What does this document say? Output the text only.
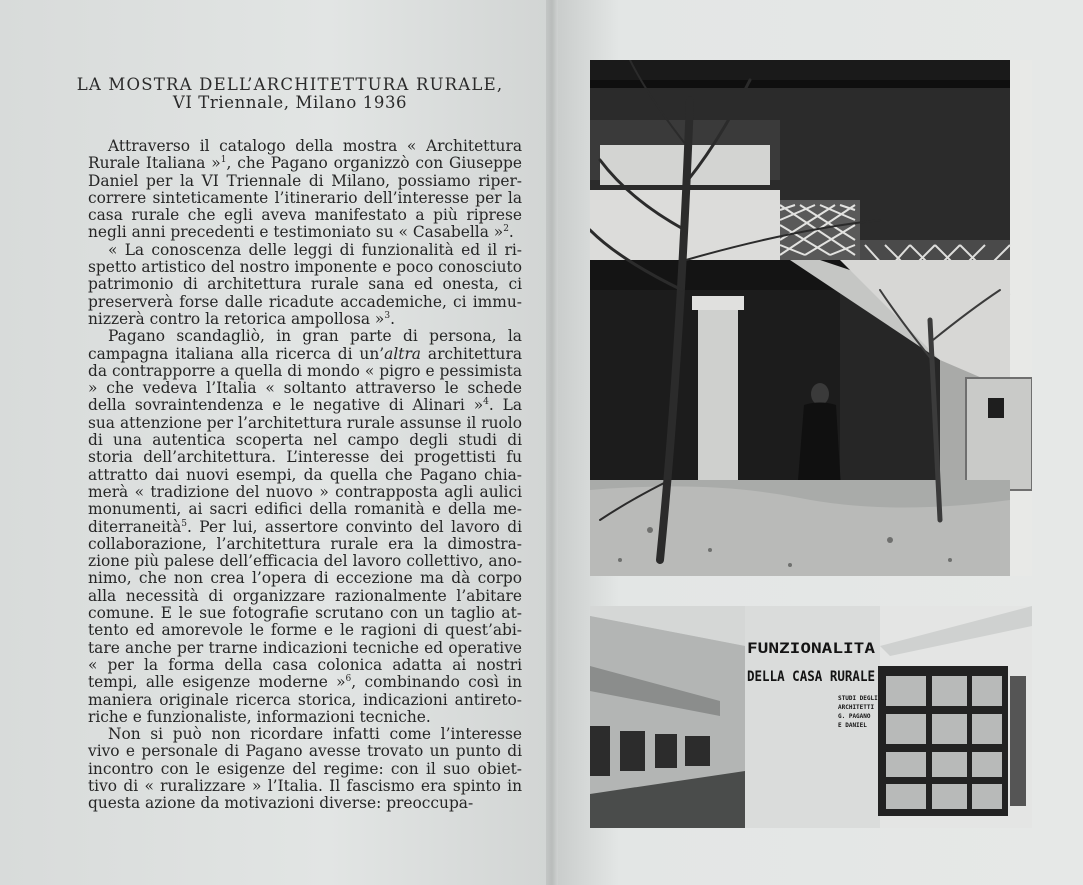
LA MOSTRA DELL’ARCHITETTURA RURALE,
VI Triennale, Milano 1936

Attraverso il catalogo della mostra « Architettura Rurale Italiana »$^1$, che Pagano organizzò con Giuseppe Daniel per la VI Triennale di Milano, possiamo ripercorrere sinteticamente l’itinerario dell’interesse per la casa rurale che egli aveva manifestato a più riprese negli anni precedenti e testimoniato su « Casabella »$^2$.

« La conoscenza delle leggi di funzionalità ed il rispetto artistico del nostro imponente e poco conosciuto patrimonio di architettura rurale sana ed onesta, ci preserverà forse dalle ricadute accademiche, ci immunizzerà contro la retorica ampollosa »$^3$.

Pagano scandagliò, in gran parte di persona, la campagna italiana alla ricerca di un’altra architettura da contrapporre a quella di mondo « pigro e pessimista » che vedeva l’Italia « soltanto attraverso le schede della sovraintendenza e le negative di Alinari »$^4$. La sua attenzione per l’architettura rurale assunse il ruolo di una autentica scoperta nel campo degli studi di storia dell’architettura. L’interesse dei progettisti fu attratto dai nuovi esempi, da quella che Pagano chiamerà « tradizione del nuovo » contrapposta agli aulici monumenti, ai sacri edifici della romanità e della mediterraneità$^5$. Per lui, assertore convinto del lavoro di collaborazione, l’architettura rurale era la dimostrazione più palese dell’efficacia del lavoro collettivo, anonimo, che non crea l’opera di eccezione ma dà corpo alla necessità di organizzare razionalmente l’abitare comune. E le sue fotografie scrutano con un taglio attento ed amorevole le forme e le ragioni di quest’abitare anche per trarne indicazioni tecniche ed operative « per la forma della casa colonica adatta ai nostri tempi, alle esigenze moderne »$^6$, combinando così in maniera originale ricerca storica, indicazioni antiretoriche e funzionaliste, informazioni tecniche.

Non si può non ricordare infatti come l’interesse vivo e personale di Pagano avesse trovato un punto di incontro con le esigenze del regime: con il suo obiettivo di « ruralizzare » l’Italia. Il fascismo era spinto in questa azione da motivazioni diverse: preoccupa-

FUNZIONALITA
DELLA CASA RURALE
STUDI DEGLI
ARCHITETTI
G. PAGANO
E DANIEL
